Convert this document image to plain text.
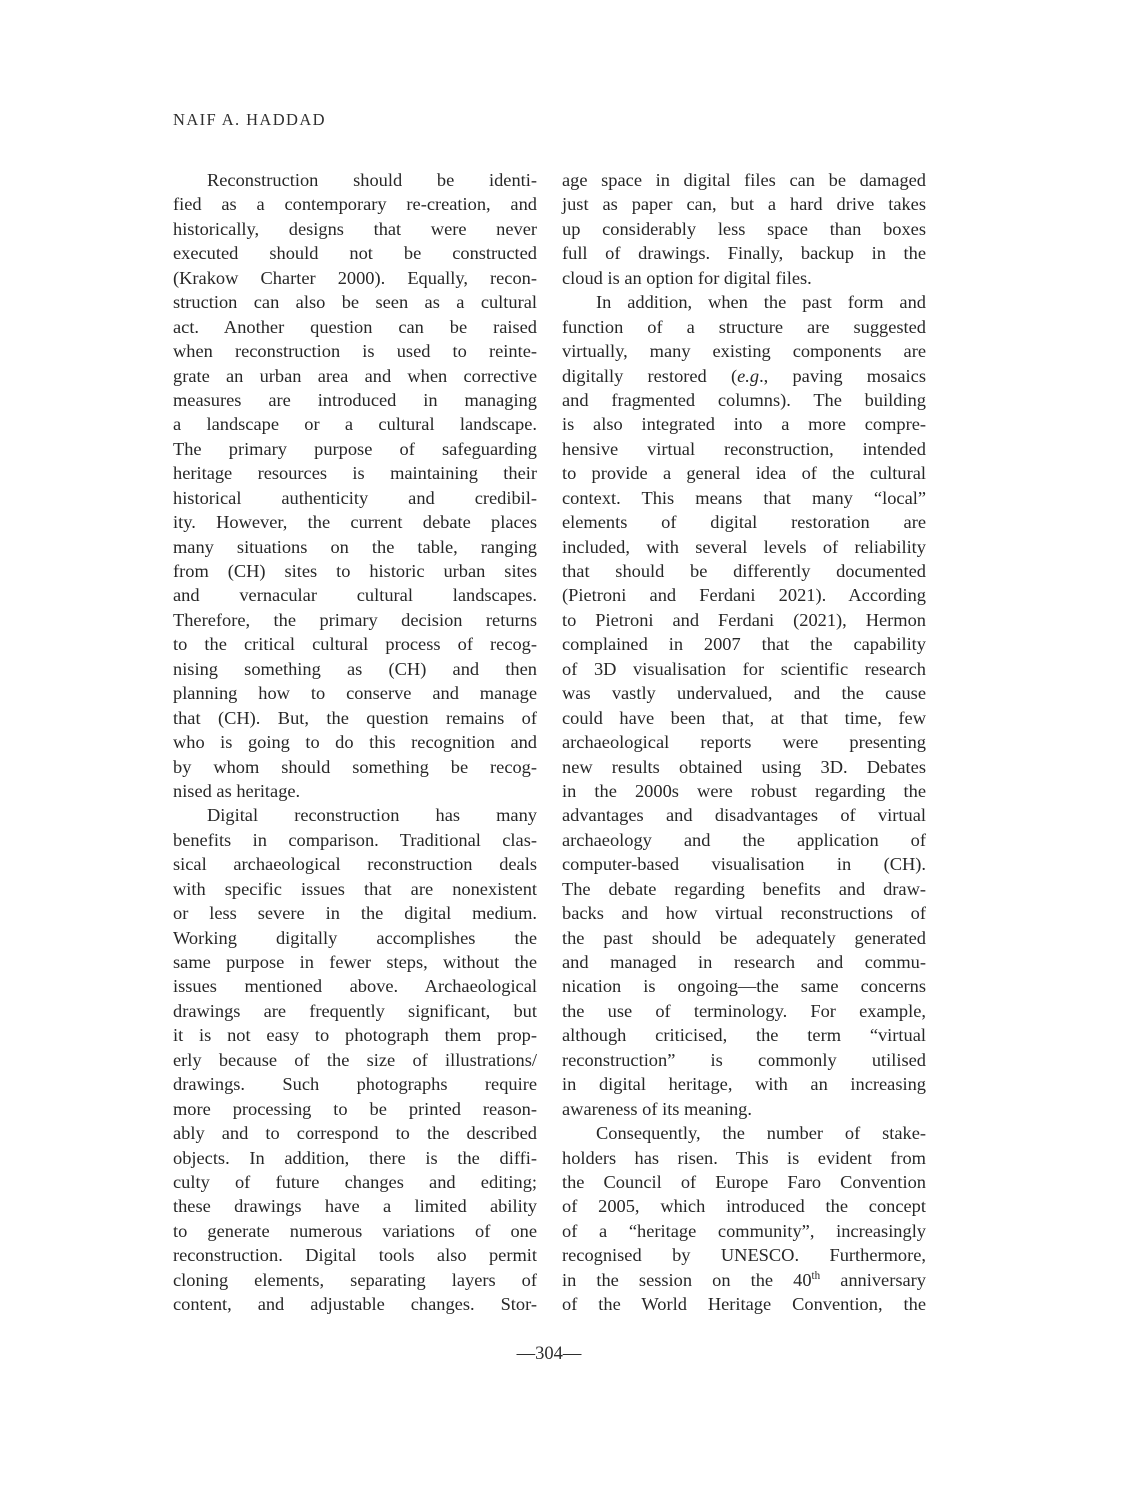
NAIF A. HADDAD
Reconstruction should be identi-
fied as a contemporary re-creation, and
historically, designs that were never
executed should not be constructed
(Krakow Charter 2000). Equally, recon-
struction can also be seen as a cultural
act. Another question can be raised
when reconstruction is used to reinte-
grate an urban area and when corrective
measures are introduced in managing
a landscape or a cultural landscape.
The primary purpose of safeguarding
heritage resources is maintaining their
historical authenticity and credibil-
ity. However, the current debate places
many situations on the table, ranging
from (CH) sites to historic urban sites
and vernacular cultural landscapes.
Therefore, the primary decision returns
to the critical cultural process of recog-
nising something as (CH) and then
planning how to conserve and manage
that (CH). But, the question remains of
who is going to do this recognition and
by whom should something be recog-
nised as heritage.
Digital reconstruction has many
benefits in comparison. Traditional clas-
sical archaeological reconstruction deals
with specific issues that are nonexistent
or less severe in the digital medium.
Working digitally accomplishes the
same purpose in fewer steps, without the
issues mentioned above. Archaeological
drawings are frequently significant, but
it is not easy to photograph them prop-
erly because of the size of illustrations/
drawings. Such photographs require
more processing to be printed reason-
ably and to correspond to the described
objects. In addition, there is the diffi-
culty of future changes and editing;
these drawings have a limited ability
to generate numerous variations of one
reconstruction. Digital tools also permit
cloning elements, separating layers of
content, and adjustable changes. Stor-
age space in digital files can be damaged
just as paper can, but a hard drive takes
up considerably less space than boxes
full of drawings. Finally, backup in the
cloud is an option for digital files.
In addition, when the past form and
function of a structure are suggested
virtually, many existing components are
digitally restored (e.g., paving mosaics
and fragmented columns). The building
is also integrated into a more compre-
hensive virtual reconstruction, intended
to provide a general idea of the cultural
context. This means that many “local”
elements of digital restoration are
included, with several levels of reliability
that should be differently documented
(Pietroni and Ferdani 2021). According
to Pietroni and Ferdani (2021), Hermon
complained in 2007 that the capability
of 3D visualisation for scientific research
was vastly undervalued, and the cause
could have been that, at that time, few
archaeological reports were presenting
new results obtained using 3D. Debates
in the 2000s were robust regarding the
advantages and disadvantages of virtual
archaeology and the application of
computer-based visualisation in (CH).
The debate regarding benefits and draw-
backs and how virtual reconstructions of
the past should be adequately generated
and managed in research and commu-
nication is ongoing—the same concerns
the use of terminology. For example,
although criticised, the term “virtual
reconstruction” is commonly utilised
in digital heritage, with an increasing
awareness of its meaning.
Consequently, the number of stake-
holders has risen. This is evident from
the Council of Europe Faro Convention
of 2005, which introduced the concept
of a “heritage community”, increasingly
recognised by UNESCO. Furthermore,
in the session on the 40th anniversary
of the World Heritage Convention, the
—304—
